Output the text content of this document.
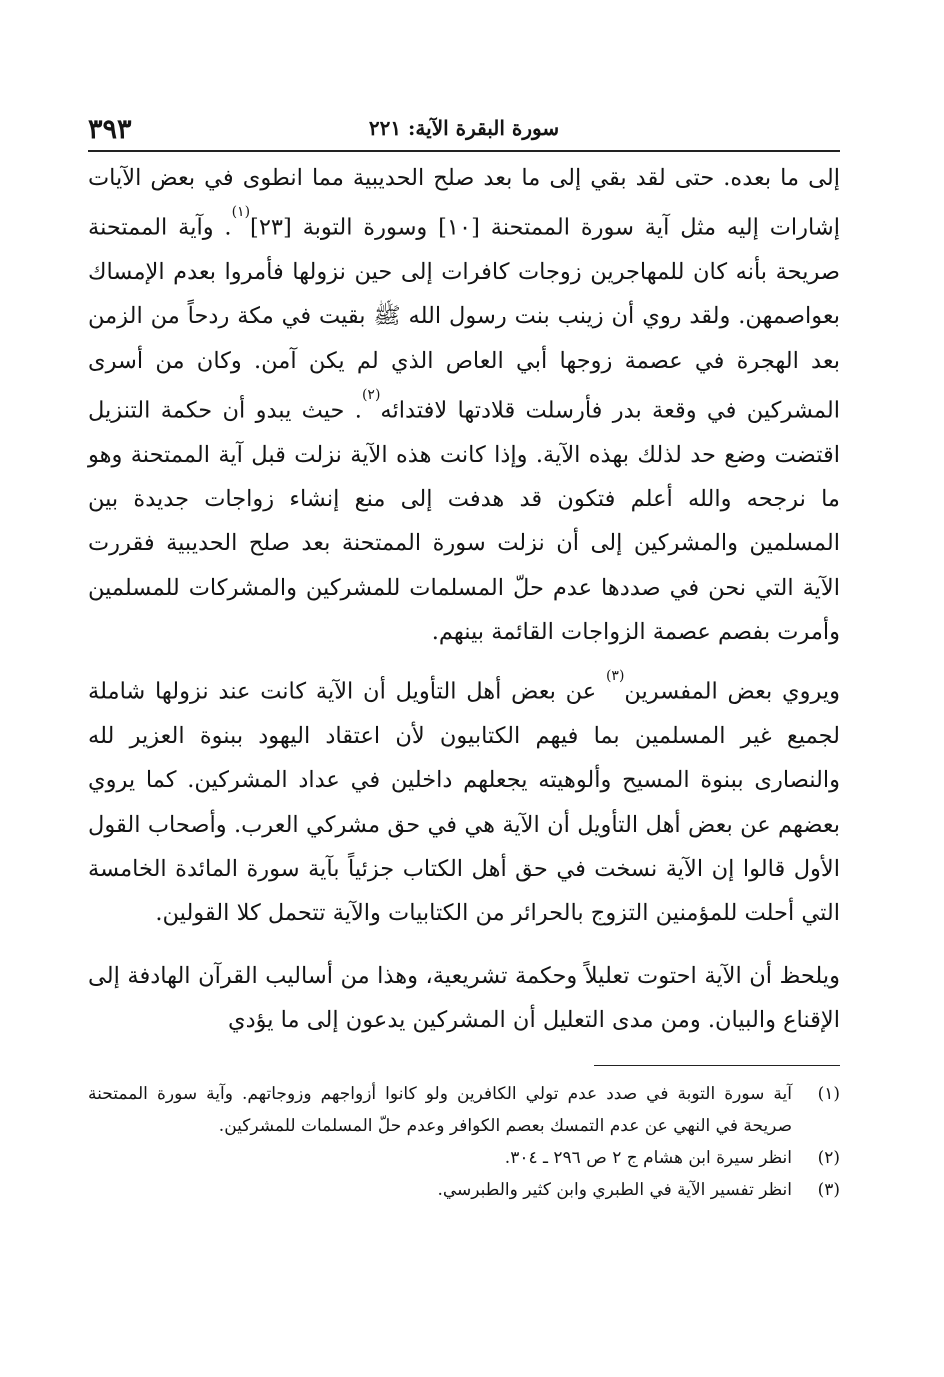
٣٩٣	سورة البقرة الآية: ٢٢١

إلى ما بعده. حتى لقد بقي إلى ما بعد صلح الحديبية مما انطوى في بعض الآيات إشارات إليه مثل آية سورة الممتحنة [١٠] وسورة التوبة [٢٣]$^{(١)}$. وآية الممتحنة صريحة بأنه كان للمهاجرين زوجات كافرات إلى حين نزولها فأمروا بعدم الإمساك بعواصمهن. ولقد روي أن زينب بنت رسول الله ﷺ بقيت في مكة ردحاً من الزمن بعد الهجرة في عصمة زوجها أبي العاص الذي لم يكن آمن. وكان من أسرى المشركين في وقعة بدر فأرسلت قلادتها لافتدائه$^{(٢)}$. حيث يبدو أن حكمة التنزيل اقتضت وضع حد لذلك بهذه الآية. وإذا كانت هذه الآية نزلت قبل آية الممتحنة وهو ما نرجحه والله أعلم فتكون قد هدفت إلى منع إنشاء زواجات جديدة بين المسلمين والمشركين إلى أن نزلت سورة الممتحنة بعد صلح الحديبية فقررت الآية التي نحن في صددها عدم حلّ المسلمات للمشركين والمشركات للمسلمين وأمرت بفصم عصمة الزواجات القائمة بينهم.

ويروي بعض المفسرين$^{(٣)}$ عن بعض أهل التأويل أن الآية كانت عند نزولها شاملة لجميع غير المسلمين بما فيهم الكتابيون لأن اعتقاد اليهود ببنوة العزير لله والنصارى ببنوة المسيح وألوهيته يجعلهم داخلين في عداد المشركين. كما يروي بعضهم عن بعض أهل التأويل أن الآية هي في حق مشركي العرب. وأصحاب القول الأول قالوا إن الآية نسخت في حق أهل الكتاب جزئياً بآية سورة المائدة الخامسة التي أحلت للمؤمنين التزوج بالحرائر من الكتابيات والآية تتحمل كلا القولين.

ويلحظ أن الآية احتوت تعليلاً وحكمة تشريعية، وهذا من أساليب القرآن الهادفة إلى الإقناع والبيان. ومن مدى التعليل أن المشركين يدعون إلى ما يؤدي

(١)
آية سورة التوبة في صدد عدم تولي الكافرين ولو كانوا أزواجهم وزوجاتهم. وآية سورة الممتحنة صريحة في النهي عن عدم التمسك بعصم الكوافر وعدم حلّ المسلمات للمشركين.
(٢)
انظر سيرة ابن هشام ج ٢ ص ٢٩٦ ـ ٣٠٤.
(٣)
انظر تفسير الآية في الطبري وابن كثير والطبرسي.
